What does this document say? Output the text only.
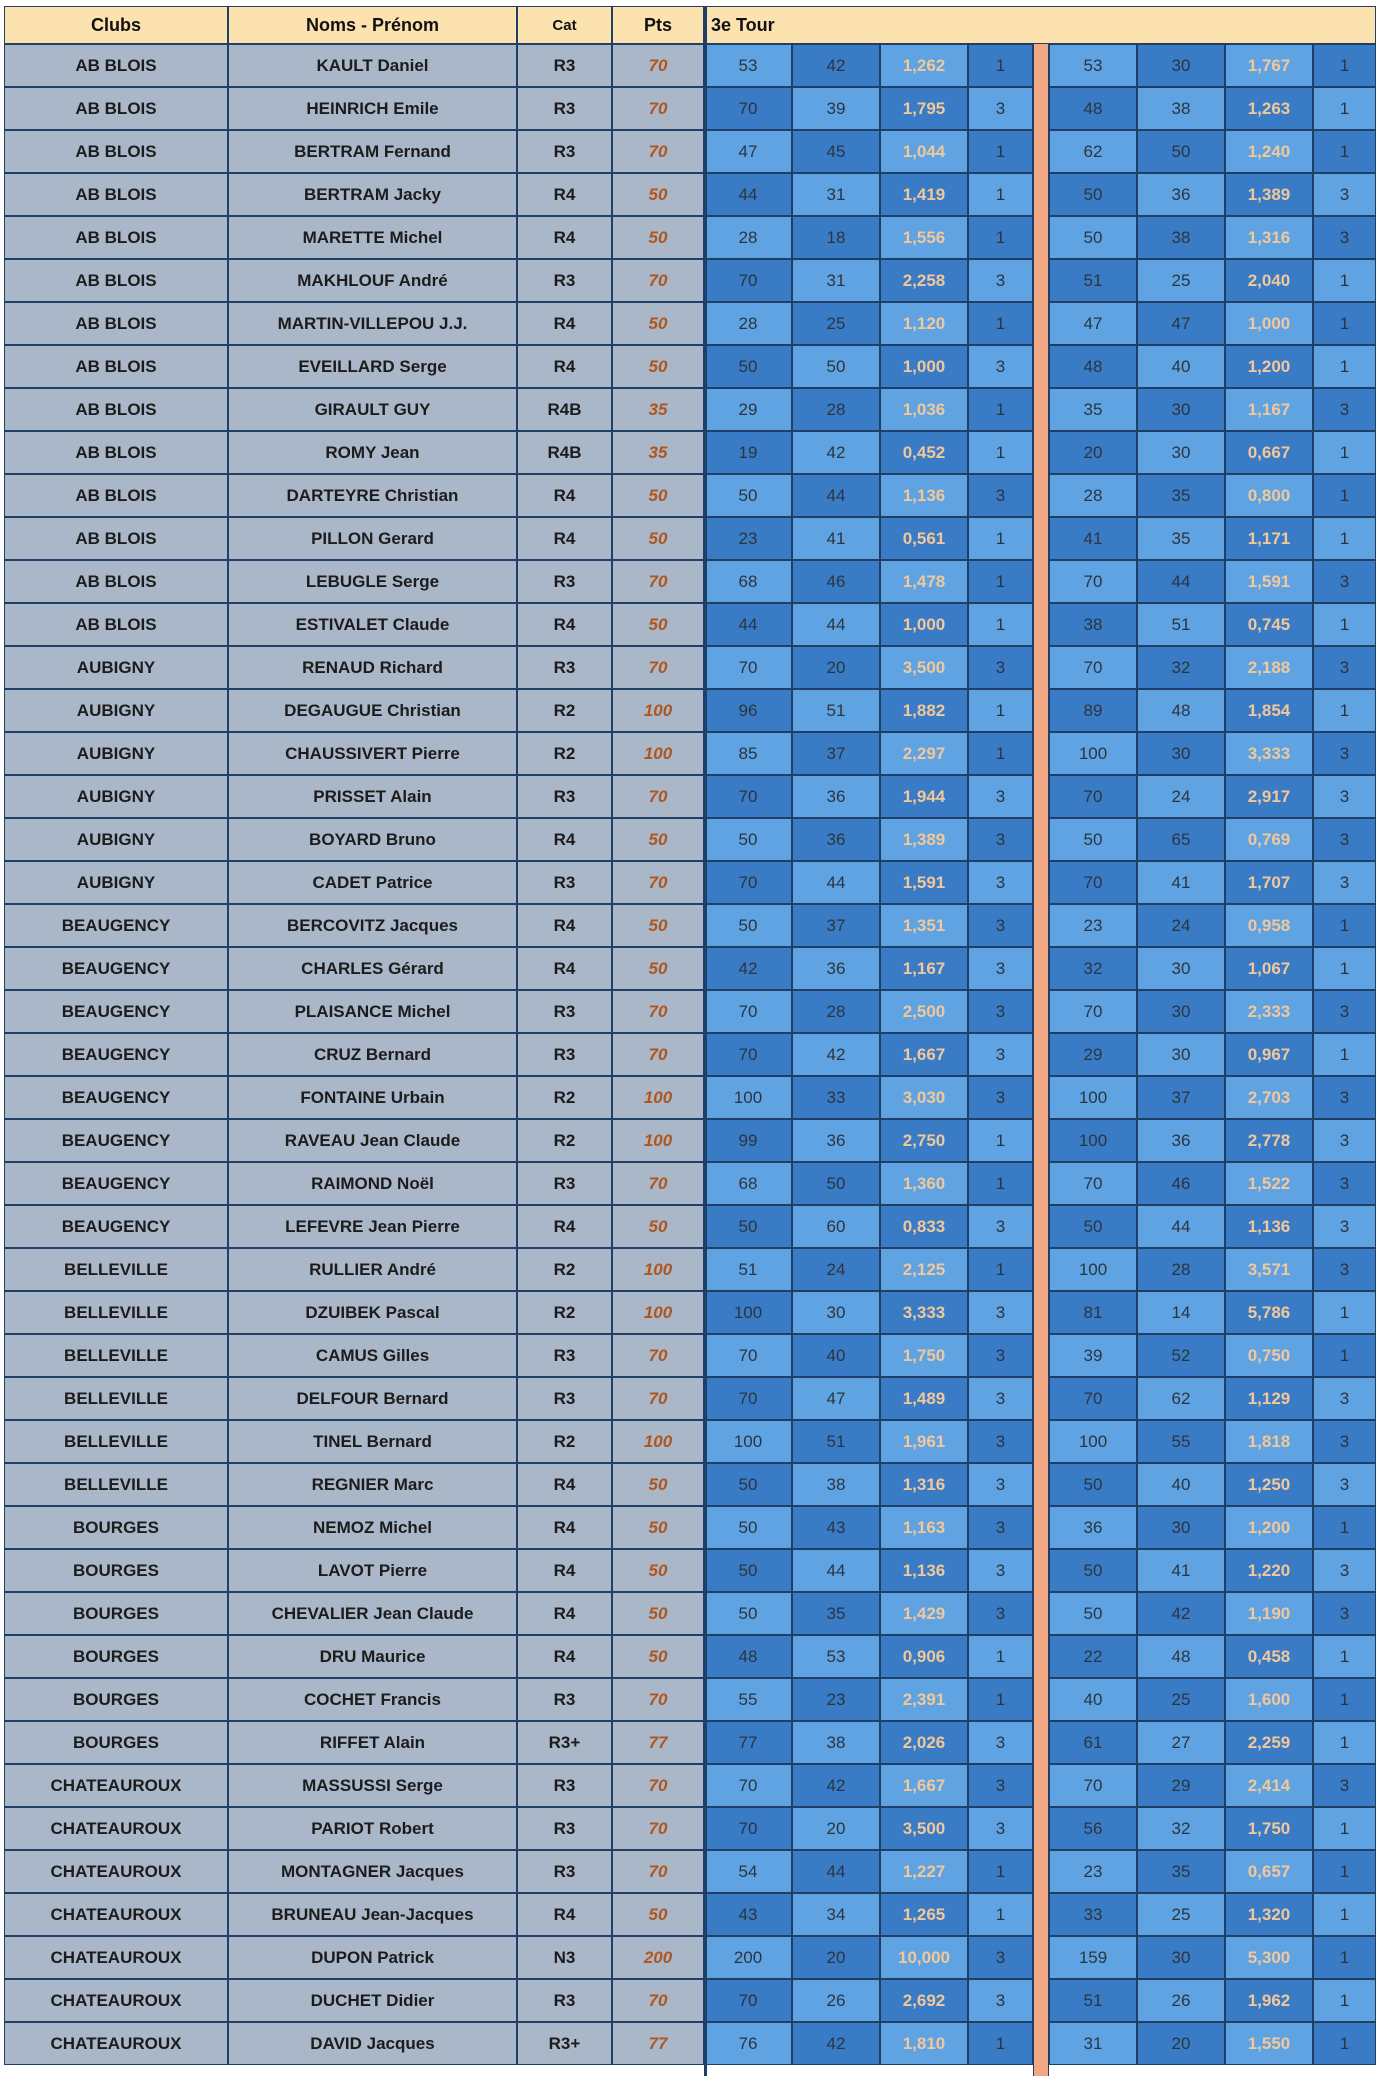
Clubs	Noms - Prénom	Cat	Pts	3e Tour
AB BLOIS	KAULT Daniel	R3	70	53	42	1,262	1	53	30	1,767	1
AB BLOIS	HEINRICH Emile	R3	70	70	39	1,795	3	48	38	1,263	1
AB BLOIS	BERTRAM Fernand	R3	70	47	45	1,044	1	62	50	1,240	1
AB BLOIS	BERTRAM Jacky	R4	50	44	31	1,419	1	50	36	1,389	3
AB BLOIS	MARETTE Michel	R4	50	28	18	1,556	1	50	38	1,316	3
AB BLOIS	MAKHLOUF André	R3	70	70	31	2,258	3	51	25	2,040	1
AB BLOIS	MARTIN-VILLEPOU J.J.	R4	50	28	25	1,120	1	47	47	1,000	1
AB BLOIS	EVEILLARD Serge	R4	50	50	50	1,000	3	48	40	1,200	1
AB BLOIS	GIRAULT GUY	R4B	35	29	28	1,036	1	35	30	1,167	3
AB BLOIS	ROMY Jean	R4B	35	19	42	0,452	1	20	30	0,667	1
AB BLOIS	DARTEYRE Christian	R4	50	50	44	1,136	3	28	35	0,800	1
AB BLOIS	PILLON Gerard	R4	50	23	41	0,561	1	41	35	1,171	1
AB BLOIS	LEBUGLE Serge	R3	70	68	46	1,478	1	70	44	1,591	3
AB BLOIS	ESTIVALET Claude	R4	50	44	44	1,000	1	38	51	0,745	1
AUBIGNY	RENAUD Richard	R3	70	70	20	3,500	3	70	32	2,188	3
AUBIGNY	DEGAUGUE Christian	R2	100	96	51	1,882	1	89	48	1,854	1
AUBIGNY	CHAUSSIVERT Pierre	R2	100	85	37	2,297	1	100	30	3,333	3
AUBIGNY	PRISSET Alain	R3	70	70	36	1,944	3	70	24	2,917	3
AUBIGNY	BOYARD Bruno	R4	50	50	36	1,389	3	50	65	0,769	3
AUBIGNY	CADET Patrice	R3	70	70	44	1,591	3	70	41	1,707	3
BEAUGENCY	BERCOVITZ Jacques	R4	50	50	37	1,351	3	23	24	0,958	1
BEAUGENCY	CHARLES Gérard	R4	50	42	36	1,167	3	32	30	1,067	1
BEAUGENCY	PLAISANCE Michel	R3	70	70	28	2,500	3	70	30	2,333	3
BEAUGENCY	CRUZ Bernard	R3	70	70	42	1,667	3	29	30	0,967	1
BEAUGENCY	FONTAINE Urbain	R2	100	100	33	3,030	3	100	37	2,703	3
BEAUGENCY	RAVEAU Jean Claude	R2	100	99	36	2,750	1	100	36	2,778	3
BEAUGENCY	RAIMOND Noël	R3	70	68	50	1,360	1	70	46	1,522	3
BEAUGENCY	LEFEVRE Jean Pierre	R4	50	50	60	0,833	3	50	44	1,136	3
BELLEVILLE	RULLIER André	R2	100	51	24	2,125	1	100	28	3,571	3
BELLEVILLE	DZUIBEK Pascal	R2	100	100	30	3,333	3	81	14	5,786	1
BELLEVILLE	CAMUS Gilles	R3	70	70	40	1,750	3	39	52	0,750	1
BELLEVILLE	DELFOUR Bernard	R3	70	70	47	1,489	3	70	62	1,129	3
BELLEVILLE	TINEL Bernard	R2	100	100	51	1,961	3	100	55	1,818	3
BELLEVILLE	REGNIER Marc	R4	50	50	38	1,316	3	50	40	1,250	3
BOURGES	NEMOZ Michel	R4	50	50	43	1,163	3	36	30	1,200	1
BOURGES	LAVOT Pierre	R4	50	50	44	1,136	3	50	41	1,220	3
BOURGES	CHEVALIER Jean Claude	R4	50	50	35	1,429	3	50	42	1,190	3
BOURGES	DRU Maurice	R4	50	48	53	0,906	1	22	48	0,458	1
BOURGES	COCHET Francis	R3	70	55	23	2,391	1	40	25	1,600	1
BOURGES	RIFFET Alain	R3+	77	77	38	2,026	3	61	27	2,259	1
CHATEAUROUX	MASSUSSI Serge	R3	70	70	42	1,667	3	70	29	2,414	3
CHATEAUROUX	PARIOT Robert	R3	70	70	20	3,500	3	56	32	1,750	1
CHATEAUROUX	MONTAGNER Jacques	R3	70	54	44	1,227	1	23	35	0,657	1
CHATEAUROUX	BRUNEAU Jean-Jacques	R4	50	43	34	1,265	1	33	25	1,320	1
CHATEAUROUX	DUPON Patrick	N3	200	200	20	10,000	3	159	30	5,300	1
CHATEAUROUX	DUCHET Didier	R3	70	70	26	2,692	3	51	26	1,962	1
CHATEAUROUX	DAVID Jacques	R3+	77	76	42	1,810	1	31	20	1,550	1
